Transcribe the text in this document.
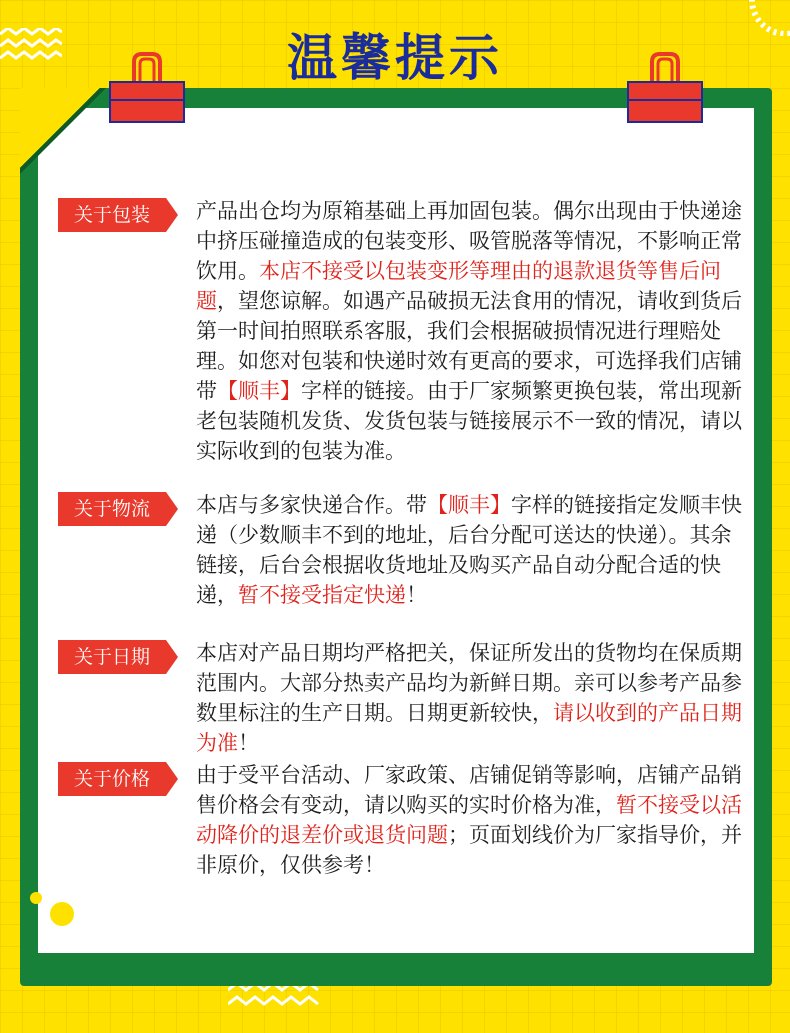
温馨提示
关于包装	产品出仓均为原箱基础上再加固包装。偶尔出现由于快递途中挤压碰撞造成的包装变形、吸管脱落等情况，不影响正常饮用。本店不接受以包装变形等理由的退款退货等售后问题，望您谅解。如遇产品破损无法食用的情况，请收到货后第一时间拍照联系客服，我们会根据破损情况进行理赔处理。如您对包装和快递时效有更高的要求，可选择我们店铺带【顺丰】字样的链接。由于厂家频繁更换包装，常出现新老包装随机发货、发货包装与链接展示不一致的情况，请以实际收到的包装为准。
关于物流	本店与多家快递合作。带【顺丰】字样的链接指定发顺丰快递（少数顺丰不到的地址，后台分配可送达的快递）。其余链接，后台会根据收货地址及购买产品自动分配合适的快递，暂不接受指定快递！
关于日期	本店对产品日期均严格把关，保证所发出的货物均在保质期范围内。大部分热卖产品均为新鲜日期。亲可以参考产品参数里标注的生产日期。日期更新较快，请以收到的产品日期为准！
关于价格	由于受平台活动、厂家政策、店铺促销等影响，店铺产品销售价格会有变动，请以购买的实时价格为准，暂不接受以活动降价的退差价或退货问题；页面划线价为厂家指导价，并非原价，仅供参考！
